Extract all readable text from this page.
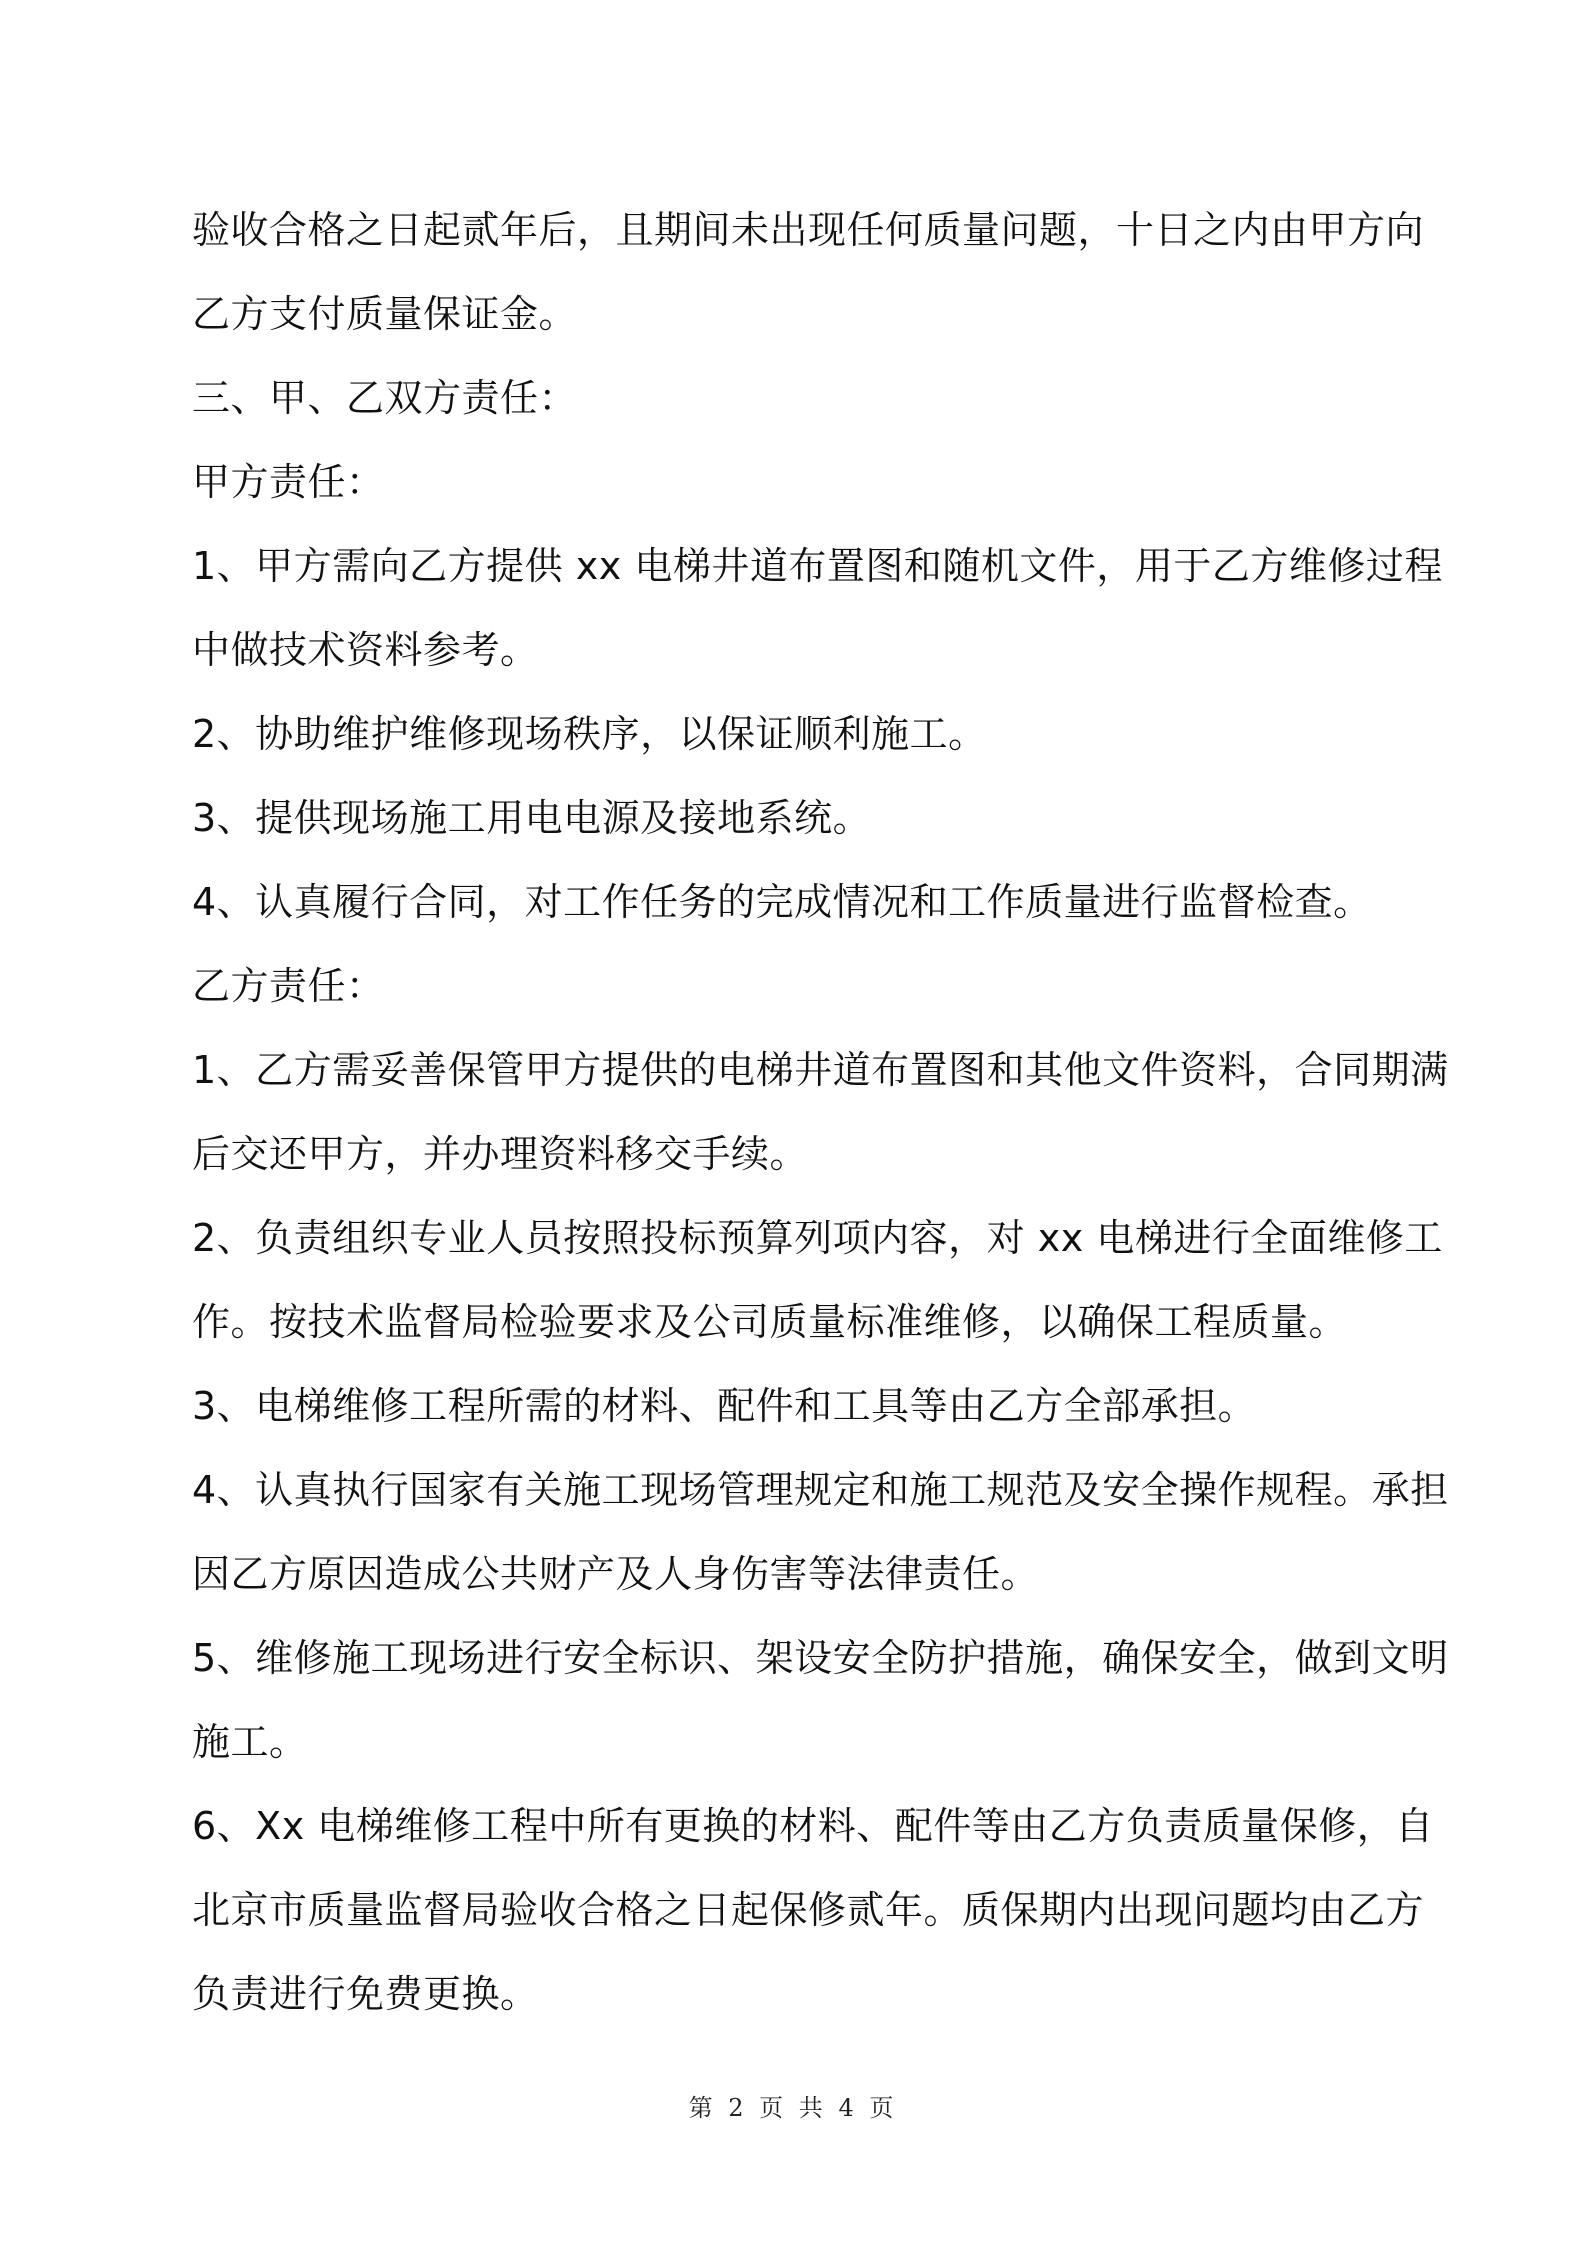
验收合格之日起贰年后，且期间未出现任何质量问题，十日之内由甲方向
乙方支付质量保证金。
三、甲、乙双方责任：
甲方责任：
1、甲方需向乙方提供 xx 电梯井道布置图和随机文件，用于乙方维修过程
中做技术资料参考。
2、协助维护维修现场秩序，以保证顺利施工。
3、提供现场施工用电电源及接地系统。
4、认真履行合同，对工作任务的完成情况和工作质量进行监督检查。
乙方责任：
1、乙方需妥善保管甲方提供的电梯井道布置图和其他文件资料，合同期满
后交还甲方，并办理资料移交手续。
2、负责组织专业人员按照投标预算列项内容，对 xx 电梯进行全面维修工
作。按技术监督局检验要求及公司质量标准维修，以确保工程质量。
3、电梯维修工程所需的材料、配件和工具等由乙方全部承担。
4、认真执行国家有关施工现场管理规定和施工规范及安全操作规程。承担
因乙方原因造成公共财产及人身伤害等法律责任。
5、维修施工现场进行安全标识、架设安全防护措施，确保安全，做到文明
施工。
6、Xx 电梯维修工程中所有更换的材料、配件等由乙方负责质量保修，自
北京市质量监督局验收合格之日起保修贰年。质保期内出现问题均由乙方
负责进行免费更换。
第 2 页 共 4 页
